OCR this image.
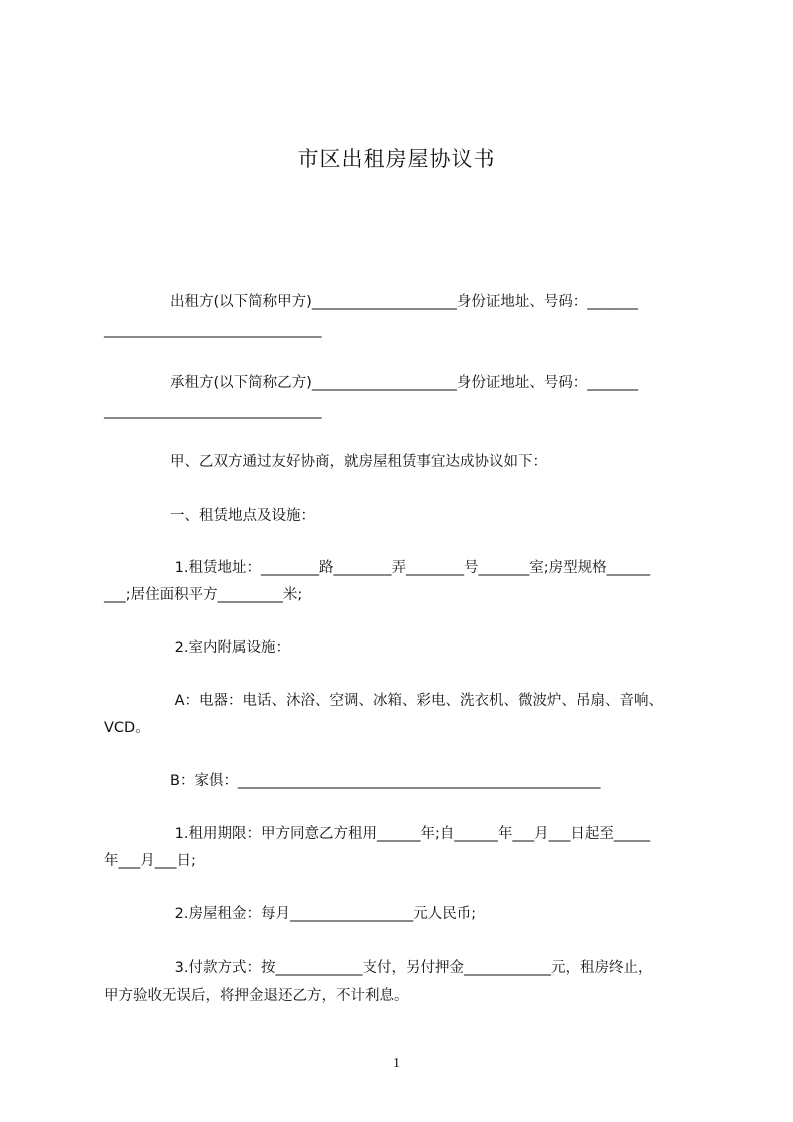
市区出租房屋协议书
出租方(以下简称甲方)____________________身份证地址、号码：_______
______________________________
承租方(以下简称乙方)____________________身份证地址、号码：_______
______________________________
甲、乙双方通过友好协商，就房屋租赁事宜达成协议如下：
一、租赁地点及设施：
1.租赁地址：________路________弄________号_______室;房型规格______
___;居住面积平方_________米;
2.室内附属设施：
A：电器：电话、沐浴、空调、冰箱、彩电、洗衣机、微波炉、吊扇、音响、
VCD。
B：家俱：__________________________________________________
1.租用期限：甲方同意乙方租用______年;自______年___月___日起至_____
年___月___日;
2.房屋租金：每月_________________元人民币;
3.付款方式：按____________支付，另付押金____________元，租房终止，
甲方验收无误后，将押金退还乙方，不计利息。
1
